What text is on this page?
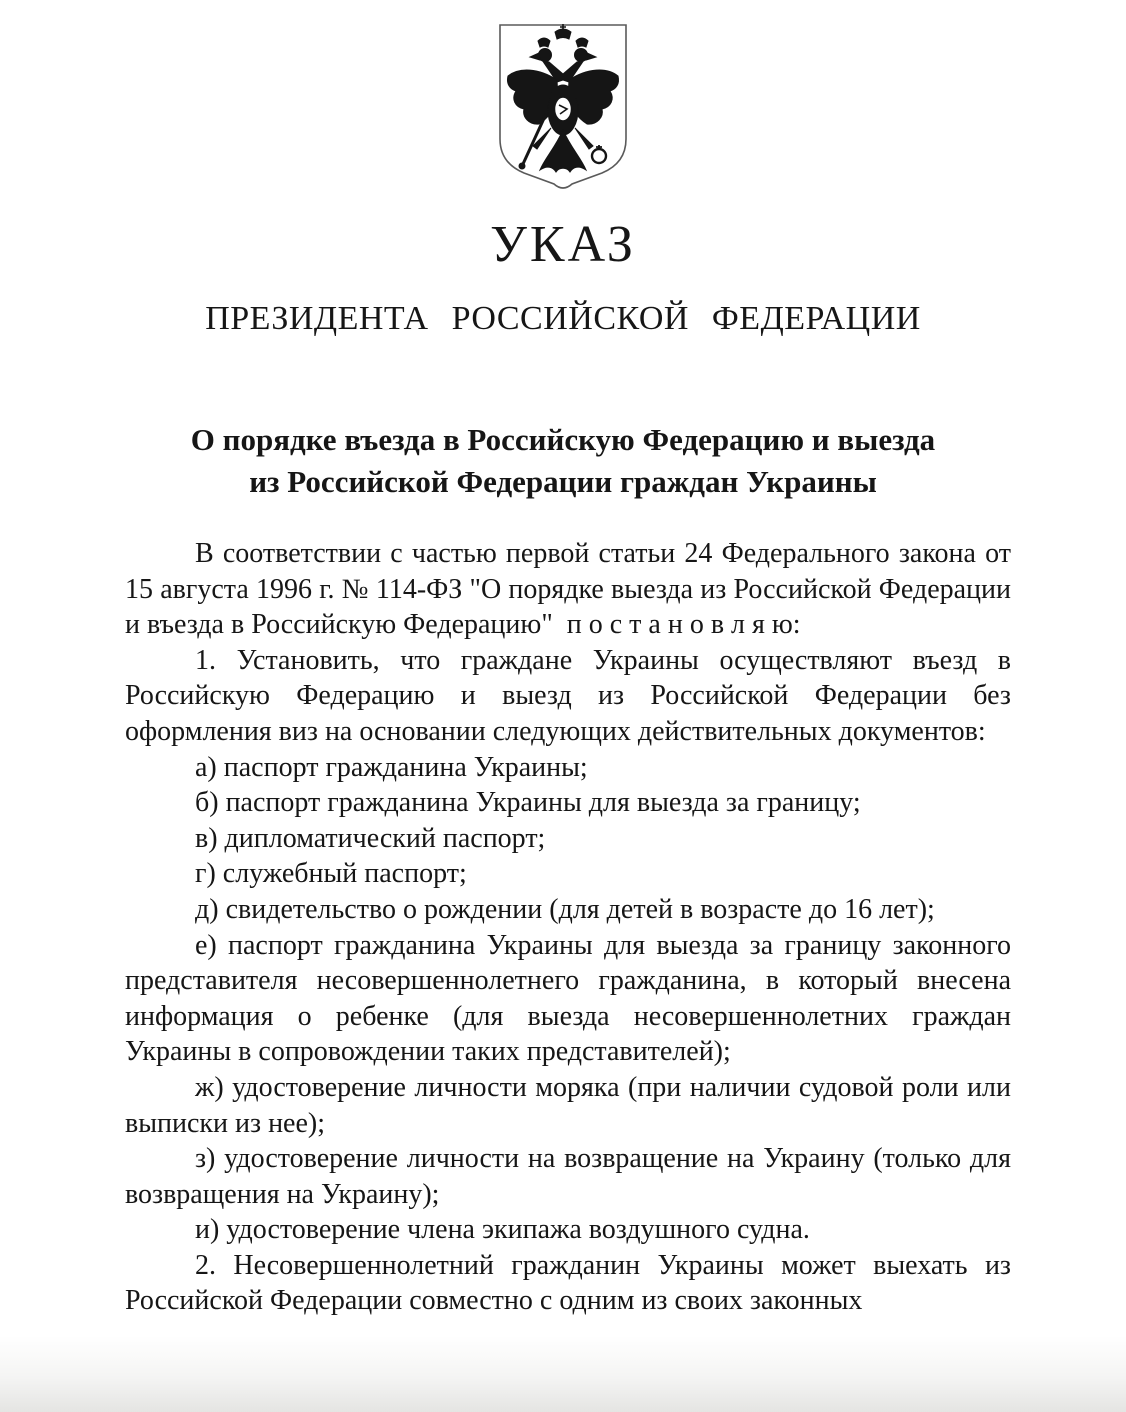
УКАЗ
ПРЕЗИДЕНТА РОССИЙСКОЙ ФЕДЕРАЦИИ
О порядке въезда в Российскую Федерацию и выезда
из Российской Федерации граждан Украины

В соответствии с частью первой статьи 24 Федерального закона от 15 августа 1996 г. № 114-ФЗ "О порядке выезда из Российской Федерации и въезда в Российскую Федерацию"  п о с т а н о в л я ю:

1. Установить, что граждане Украины осуществляют въезд в Российскую Федерацию и выезд из Российской Федерации без оформления виз на основании следующих действительных документов:

а) паспорт гражданина Украины;

б) паспорт гражданина Украины для выезда за границу;

в) дипломатический паспорт;

г) служебный паспорт;

д) свидетельство о рождении (для детей в возрасте до 16 лет);

е) паспорт гражданина Украины для выезда за границу законного представителя несовершеннолетнего гражданина, в который внесена информация о ребенке (для выезда несовершеннолетних граждан Украины в сопровождении таких представителей);

ж) удостоверение личности моряка (при наличии судовой роли или выписки из нее);

з) удостоверение личности на возвращение на Украину (только для возвращения на Украину);

и) удостоверение члена экипажа воздушного судна.

2. Несовершеннолетний гражданин Украины может выехать из Российской Федерации совместно с одним из своих законных
